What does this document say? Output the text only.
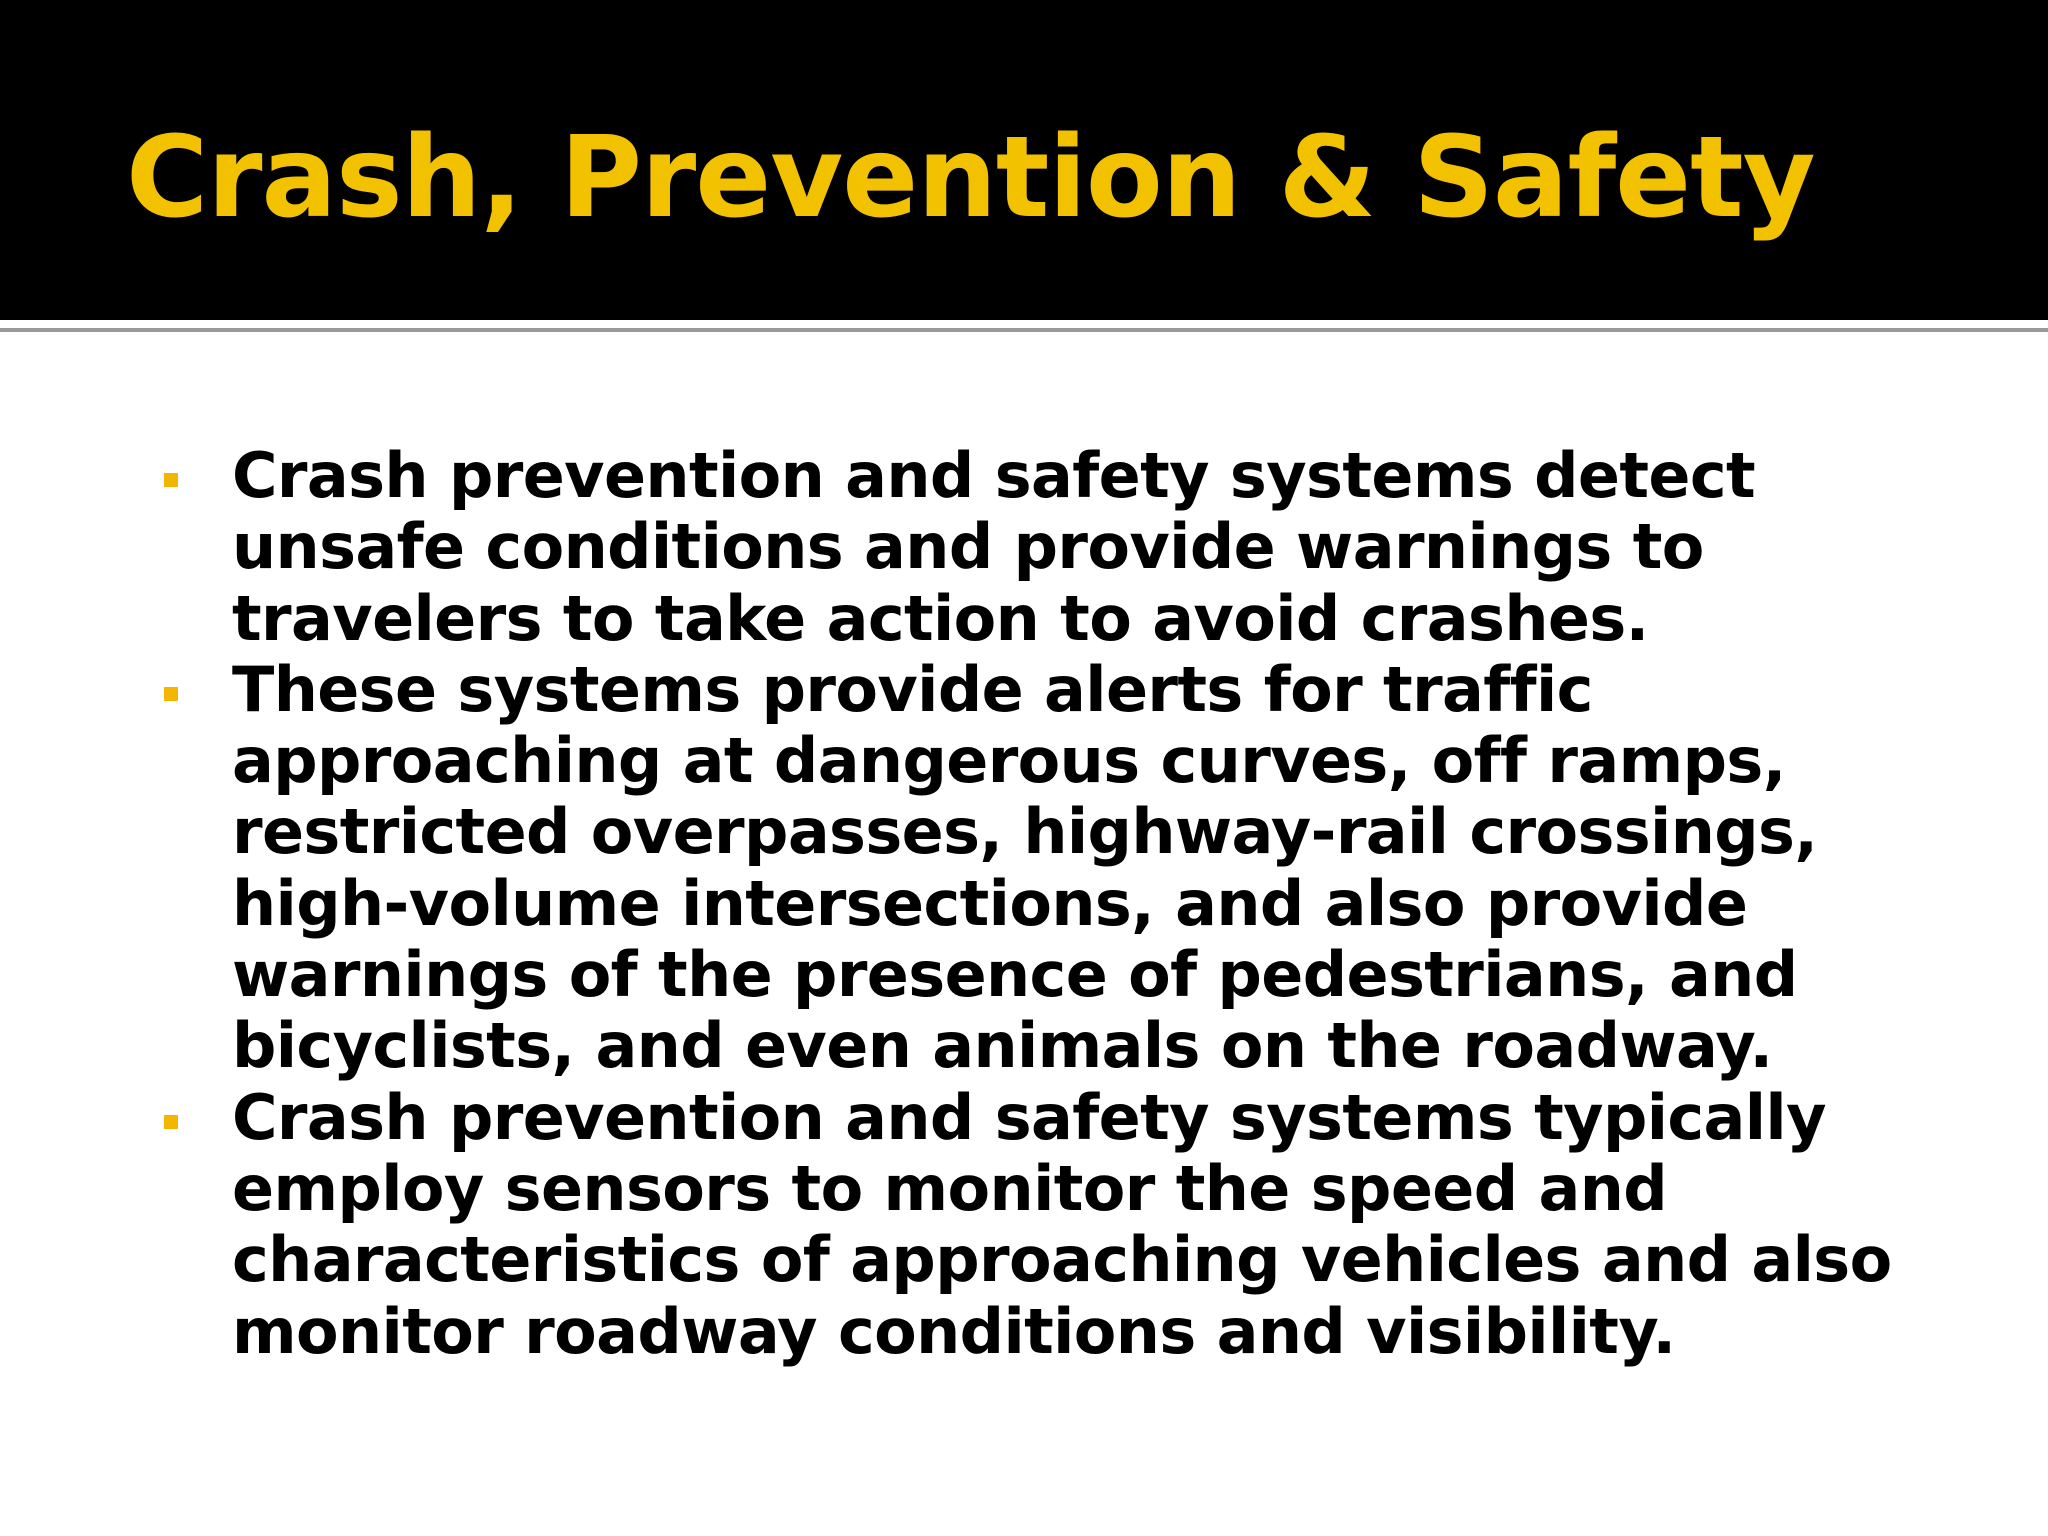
Crash, Prevention & Safety
Crash prevention and safety systems detect unsafe conditions and provide warnings to travelers to take action to avoid crashes.
These systems provide alerts for traffic approaching at dangerous curves, off ramps, restricted overpasses, highway-rail crossings, high-volume intersections, and also provide warnings of the presence of pedestrians, and bicyclists, and even animals on the roadway.
Crash prevention and safety systems typically employ sensors to monitor the speed and characteristics of approaching vehicles and also monitor roadway conditions and visibility.
